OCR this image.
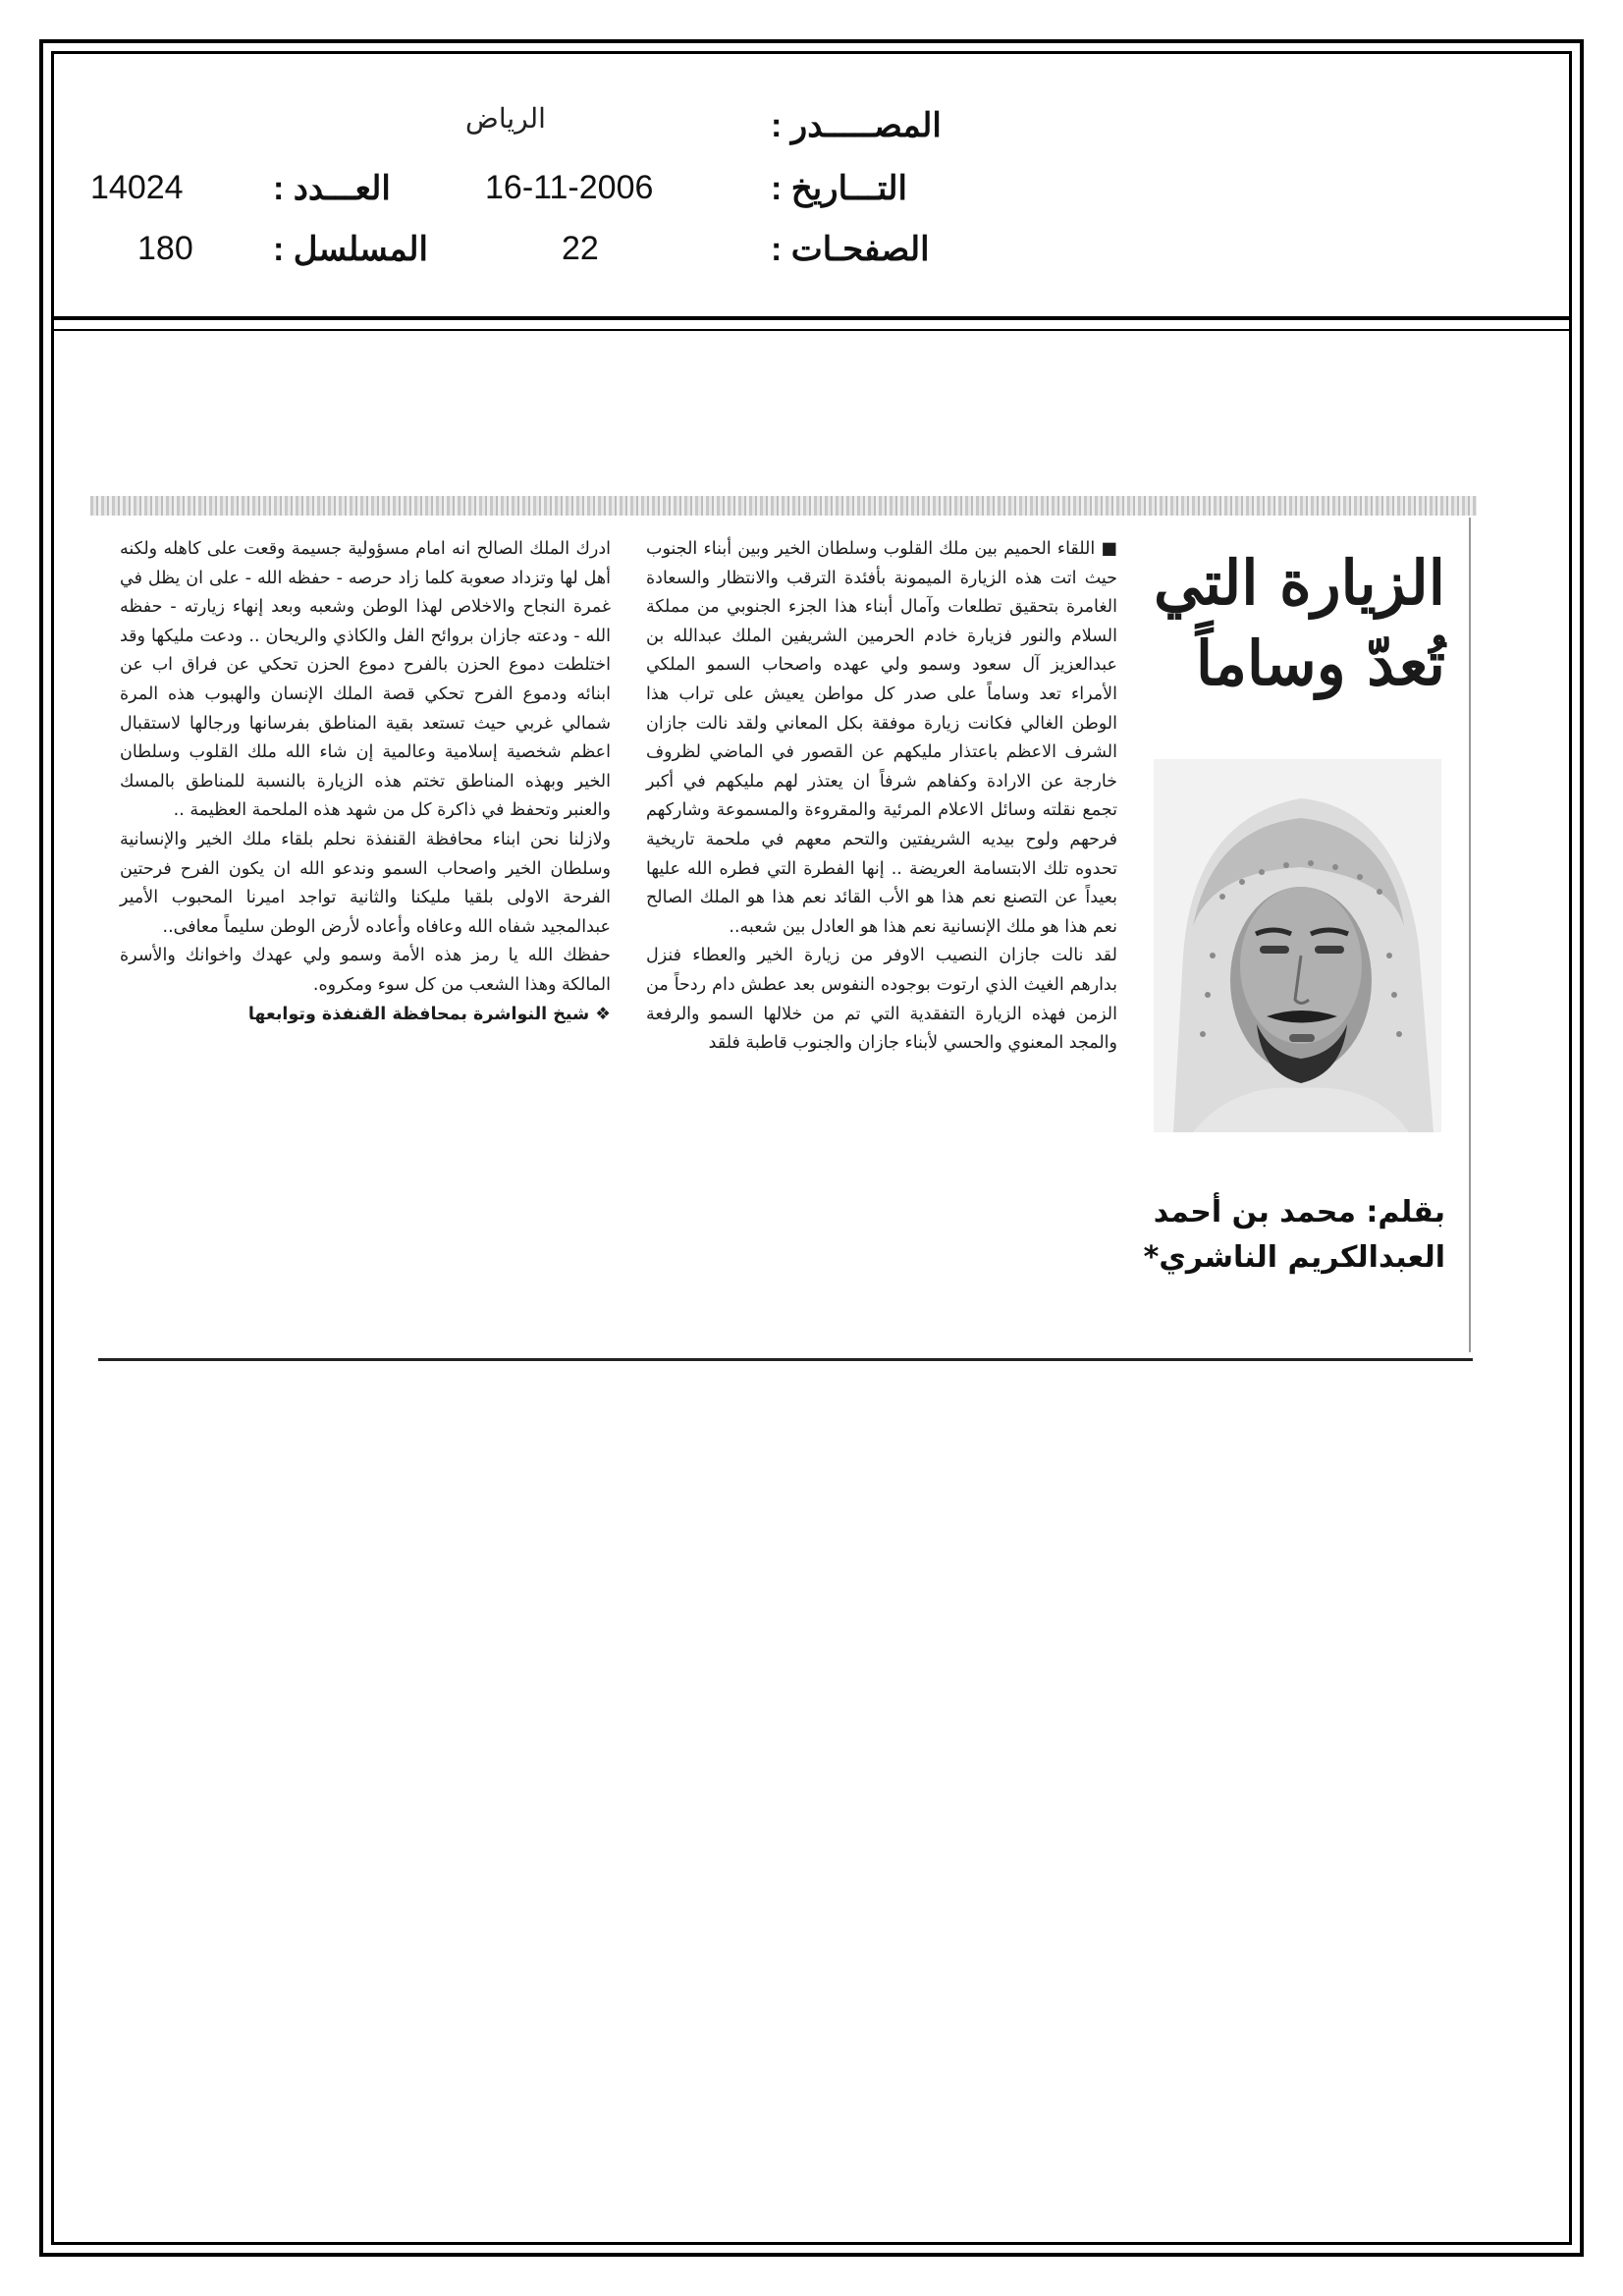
الرياض	المصـــــدر :
14024	العـــدد :	16-11-2006	التـــاريخ :
180 المسلسل :	22	الصفحـات :
الزيارة التي
تُعدّ وساماً
بقلم: محمد بن أحمد
العبدالكريم الناشري*

■ اللقاء الحميم بين ملك القلوب وسلطان الخير وبين أبناء الجنوب حيث اتت هذه الزيارة الميمونة بأفئدة الترقب والانتظار والسعادة الغامرة بتحقيق تطلعات وآمال أبناء هذا الجزء الجنوبي من مملكة السلام والنور فزيارة خادم الحرمين الشريفين الملك عبدالله بن عبدالعزيز آل سعود وسمو ولي عهده واصحاب السمو الملكي الأمراء تعد وساماً على صدر كل مواطن يعيش على تراب هذا الوطن الغالي فكانت زيارة موفقة بكل المعاني ولقد نالت جازان الشرف الاعظم باعتذار مليكهم عن القصور في الماضي لظروف خارجة عن الارادة وكفاهم شرفاً ان يعتذر لهم مليكهم في أكبر تجمع نقلته وسائل الاعلام المرئية والمقروءة والمسموعة وشاركهم فرحهم ولوح بيديه الشريفتين والتحم معهم في ملحمة تاريخية تحدوه تلك الابتسامة العريضة .. إنها الفطرة التي فطره الله عليها بعيداً عن التصنع نعم هذا هو الأب القائد نعم هذا هو الملك الصالح نعم هذا هو ملك الإنسانية نعم هذا هو العادل بين شعبه..

لقد نالت جازان النصيب الاوفر من زيارة الخير والعطاء فنزل بدارهم الغيث الذي ارتوت بوجوده النفوس بعد عطش دام ردحاً من الزمن فهذه الزيارة التفقدية التي تم من خلالها السمو والرفعة والمجد المعنوي والحسي لأبناء جازان والجنوب قاطبة فلقد

ادرك الملك الصالح انه امام مسؤولية جسيمة وقعت على كاهله ولكنه أهل لها وتزداد صعوبة كلما زاد حرصه - حفظه الله - على ان يظل في غمرة النجاح والاخلاص لهذا الوطن وشعبه وبعد إنهاء زيارته - حفظه الله - ودعته جازان بروائح الفل والكاذي والريحان .. ودعت مليكها وقد اختلطت دموع الحزن بالفرح دموع الحزن تحكي عن فراق اب عن ابنائه ودموع الفرح تحكي قصة الملك الإنسان والهبوب هذه المرة شمالي غربي حيث تستعد بقية المناطق بفرسانها ورجالها لاستقبال اعظم شخصية إسلامية وعالمية إن شاء الله ملك القلوب وسلطان الخير وبهذه المناطق تختم هذه الزيارة بالنسبة للمناطق بالمسك والعنبر وتحفظ في ذاكرة كل من شهد هذه الملحمة العظيمة ..

ولازلنا نحن ابناء محافظة القنفذة نحلم بلقاء ملك الخير والإنسانية وسلطان الخير واصحاب السمو وندعو الله ان يكون الفرح فرحتين الفرحة الاولى بلقيا مليكنا والثانية تواجد اميرنا المحبوب الأمير عبدالمجيد شفاه الله وعافاه وأعاده لأرض الوطن سليماً معافى..

حفظك الله يا رمز هذه الأمة وسمو ولي عهدك واخوانك والأسرة المالكة وهذا الشعب من كل سوء ومكروه.

❖ شيخ النواشرة بمحافظة القنفذة وتوابعها
